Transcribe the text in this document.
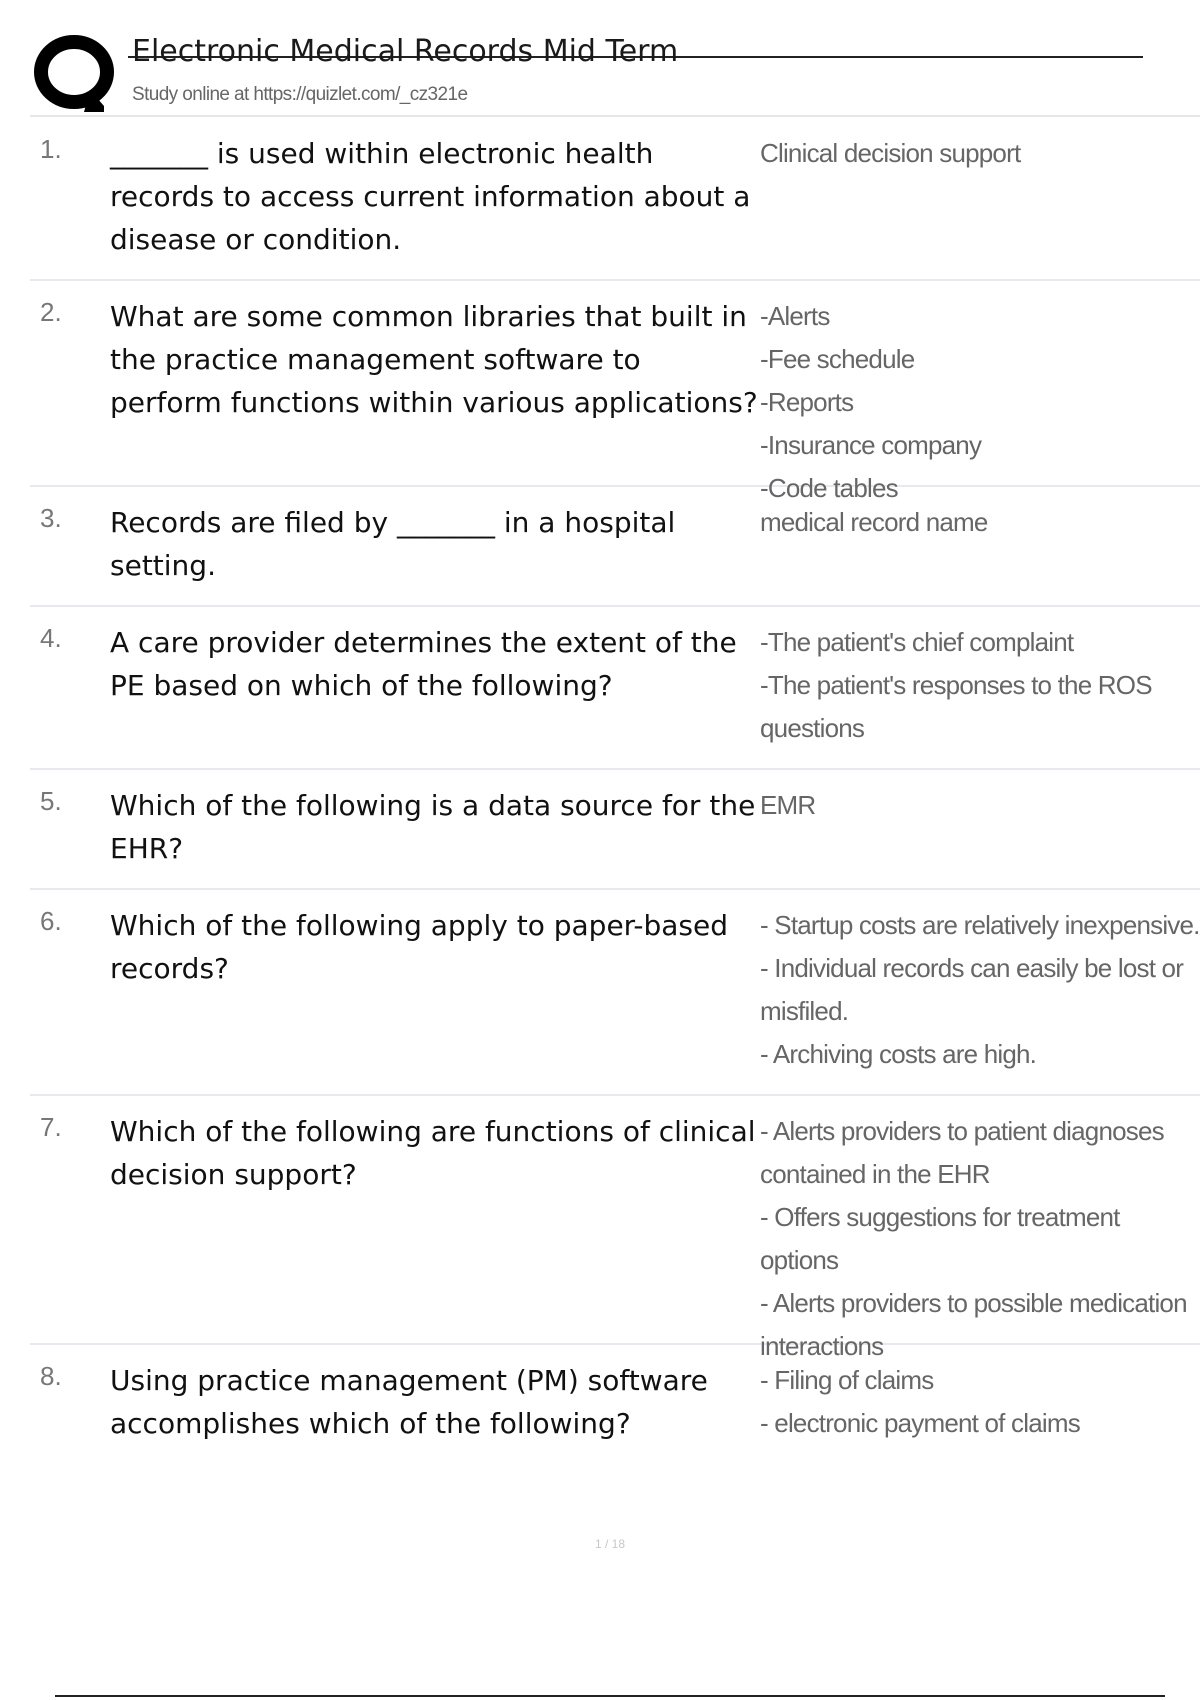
Electronic Medical Records Mid Term
Study online at https://quizlet.com/_cz321e
1. _______ is used within electronic health records to access current information about a disease or condition.
Clinical decision support
2. What are some common libraries that built in the practice management software to perform functions within various applications?
-Alerts
-Fee schedule
-Reports
-Insurance company
-Code tables
3. Records are filed by _______ in a hospital setting.
medical record name
4. A care provider determines the extent of the PE based on which of the following?
-The patient's chief complaint
-The patient's responses to the ROS questions
5. Which of the following is a data source for the EHR?
EMR
6. Which of the following apply to paper-based records?
- Startup costs are relatively inexpensive.
- Individual records can easily be lost or misfiled.
- Archiving costs are high.
7. Which of the following are functions of clinical decision support?
- Alerts providers to patient diagnoses contained in the EHR
- Offers suggestions for treatment options
- Alerts providers to possible medication interactions
8. Using practice management (PM) software accomplishes which of the following?
- Filing of claims
- electronic payment of claims
1 / 18
